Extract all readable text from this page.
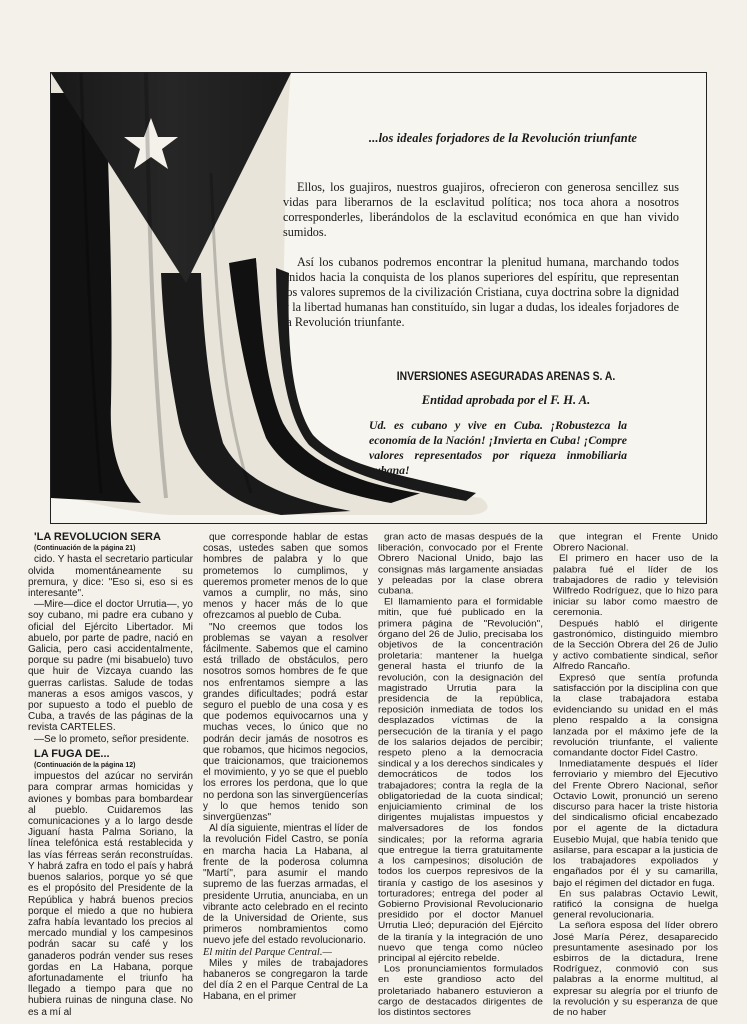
...los ideales forjadores de la Revolución triunfante

Ellos, los guajiros, nuestros guajiros, ofrecieron con generosa sencillez sus vidas para liberarnos de la esclavitud política; nos toca ahora a nosotros corresponderles, liberándolos de la esclavitud económica en que han vivido sumidos.

Así los cubanos podremos encontrar la plenitud humana, marchando todos unidos hacia la conquista de los planos superiores del espíritu, que representan los valores supremos de la civilización Cristiana, cuya doctrina sobre la dignidad y la libertad humanas han constituído, sin lugar a dudas, los ideales forjadores de la Revolución triunfante.

INVERSIONES ASEGURADAS ARENAS S. A.
Entidad aprobada por el F. H. A.

Ud. es cubano y vive en Cuba. ¡Robustezca la economía de la Nación! ¡Invierta en Cuba! ¡Compre valores representados por riqueza inmobiliaria cubana!

'LA REVOLUCION SERA

(Continuación de la página 21)

cido. Y hasta el secretario particular olvida momentáneamente su premura, y dice: "Eso si, eso si es interesante".

—Mire—dice el doctor Urrutia—, yo soy cubano, mi padre era cubano y oficial del Ejército Libertador. Mi abuelo, por parte de padre, nació en Galicia, pero casi accidentalmente, porque su padre (mi bisabuelo) tuvo que huir de Vizcaya cuando las guerras carlistas. Salude de todas maneras a esos amigos vascos, y por supuesto a todo el pueblo de Cuba, a través de las páginas de la revista CARTELES.

—Se lo prometo, señor presidente.

LA FUGA DE...

(Continuación de la página 12)

impuestos del azúcar no servirán para comprar armas homicidas y aviones y bombas para bombardear al pueblo. Cuidaremos las comunicaciones y a lo largo desde Jiguaní hasta Palma Soriano, la línea telefónica está restablecida y las vías férreas serán reconstruídas. Y habrá zafra en todo el país y habrá buenos salarios, porque yo sé que es el propósito del Presidente de la República y habrá buenos precios porque el miedo a que no hubiera zafra había levantado los precios al mercado mundial y los campesinos podrán sacar su café y los ganaderos podrán vender sus reses gordas en La Habana, porque afortunadamente el triunfo ha llegado a tiempo para que no hubiera ruinas de ninguna clase. No es a mí al

que corresponde hablar de estas cosas, ustedes saben que somos hombres de palabra y lo que prometemos lo cumplimos, y queremos prometer menos de lo que vamos a cumplir, no más, sino menos y hacer más de lo que ofrezcamos al pueblo de Cuba.

"No creemos que todos los problemas se vayan a resolver fácilmente. Sabemos que el camino está trillado de obstáculos, pero nosotros somos hombres de fe que nos enfrentamos siempre a las grandes dificultades; podrá estar seguro el pueblo de una cosa y es que podemos equivocarnos una y muchas veces, lo único que no podrán decir jamás de nosotros es que robamos, que hicimos negocios, que traicionamos, que traicionemos el movimiento, y yo se que el pueblo los errores los perdona, que lo que no perdona son las sinvergüencerías y lo que hemos tenido son sinvergüenzas"

Al día siguiente, mientras el líder de la revolución Fidel Castro, se ponía en marcha hacia La Habana, al frente de la poderosa columna "Martí", para asumir el mando supremo de las fuerzas armadas, el presidente Urrutia, anunciaba, en un vibrante acto celebrado en el recinto de la Universidad de Oriente, sus primeros nombramientos como nuevo jefe del estado revolucionario.

El mitin del Parque Central.—

Miles y miles de trabajadores habaneros se congregaron la tarde del día 2 en el Parque Central de La Habana, en el primer

gran acto de masas después de la liberación, convocado por el Frente Obrero Nacional Unido, bajo las consignas más largamente ansiadas y peleadas por la clase obrera cubana.

El llamamiento para el formidable mitin, que fué publicado en la primera página de "Revolución", órgano del 26 de Julio, precisaba los objetivos de la concentración proletaria: mantener la huelga general hasta el triunfo de la revolución, con la designación del magistrado Urrutia para la presidencia de la república, reposición inmediata de todos los desplazados víctimas de la persecución de la tiranía y el pago de los salarios dejados de percibir; respeto pleno a la democracia sindical y a los derechos sindicales y democráticos de todos los trabajadores; contra la regla de la obligatoriedad de la cuota sindical; enjuiciamiento criminal de los dirigentes mujalistas impuestos y malversadores de los fondos sindicales; por la reforma agraria que entregue la tierra gratuitamente a los campesinos; disolución de todos los cuerpos represivos de la tiranía y castigo de los asesinos y torturadores; entrega del poder al Gobierno Provisional Revolucionario presidido por el doctor Manuel Urrutia Lleó; depuración del Ejército de la tiranía y la integración de uno nuevo que tenga como núcleo principal al ejército rebelde.

Los pronunciamientos formulados en este grandioso acto del proletariado habanero estuvieron a cargo de destacados dirigentes de los distintos sectores

que integran el Frente Unido Obrero Nacional.

El primero en hacer uso de la palabra fué el líder de los trabajadores de radio y televisión Wilfredo Rodríguez, que lo hizo para iniciar su labor como maestro de ceremonia.

Después habló el dirigente gastronómico, distinguido miembro de la Sección Obrera del 26 de Julio y activo combatiente sindical, señor Alfredo Rancaño.

Expresó que sentía profunda satisfacción por la disciplina con que la clase trabajadora estaba evidenciando su unidad en el más pleno respaldo a la consigna lanzada por el máximo jefe de la revolución triunfante, el valiente comandante doctor Fidel Castro.

Inmediatamente después el líder ferroviario y miembro del Ejecutivo del Frente Obrero Nacional, señor Octavio Lowit, pronunció un sereno discurso para hacer la triste historia del sindicalismo oficial encabezado por el agente de la dictadura Eusebio Mujal, que había tenido que asilarse, para escapar a la justicia de los trabajadores expoliados y engañados por él y su camarilla, bajo el régimen del dictador en fuga.

En sus palabras Octavio Lewit, ratificó la consigna de huelga general revolucionaria.

La señora esposa del líder obrero José María Pérez, desaparecido presuntamente asesinado por los esbirros de la dictadura, Irene Rodríguez, conmovió con sus palabras a la enorme multitud, al expresar su alegría por el triunfo de la revolución y su esperanza de que de no haber
